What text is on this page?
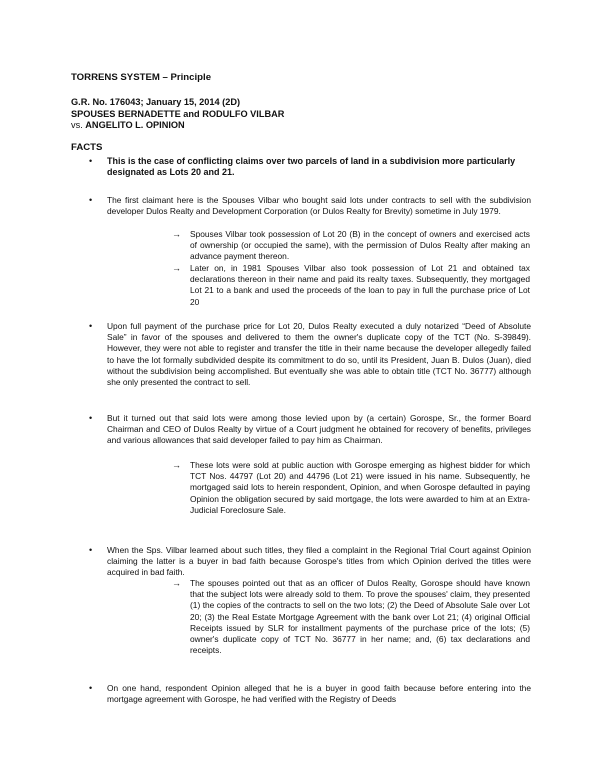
TORRENS SYSTEM – Principle
G.R. No. 176043; January 15, 2014 (2D)
SPOUSES BERNADETTE and RODULFO VILBAR
vs. ANGELITO L. OPINION
FACTS
•	This is the case of conflicting claims over two parcels of land in a subdivision more particularly designated as Lots 20 and 21.
•	The first claimant here is the Spouses Vilbar who bought said lots under contracts to sell with the subdivision developer Dulos Realty and Development Corporation (or Dulos Realty for Brevity) sometime in July 1979.
→	Spouses Vilbar took possession of Lot 20 (B) in the concept of owners and exercised acts of ownership (or occupied the same), with the permission of Dulos Realty after making an advance payment thereon.
→	Later on, in 1981 Spouses Vilbar also took possession of Lot 21 and obtained tax declarations thereon in their name and paid its realty taxes. Subsequently, they mortgaged Lot 21 to a bank and used the proceeds of the loan to pay in full the purchase price of Lot 20
•	Upon full payment of the purchase price for Lot 20, Dulos Realty executed a duly notarized “Deed of Absolute Sale” in favor of the spouses and delivered to them the owner's duplicate copy of the TCT (No. S-39849). However, they were not able to register and transfer the title in their name because the developer allegedly failed to have the lot formally subdivided despite its commitment to do so, until its President, Juan B. Dulos (Juan), died without the subdivision being accomplished. But eventually she was able to obtain title (TCT No. 36777) although she only presented the contract to sell.
•	But it turned out that said lots were among those levied upon by (a certain) Gorospe, Sr., the former Board Chairman and CEO of Dulos Realty by virtue of a Court judgment he obtained for recovery of benefits, privileges and various allowances that said developer failed to pay him as Chairman.
→	These lots were sold at public auction with Gorospe emerging as highest bidder for which TCT Nos. 44797 (Lot 20) and 44796 (Lot 21) were issued in his name. Subsequently, he mortgaged said lots to herein respondent, Opinion, and when Gorospe defaulted in paying Opinion the obligation secured by said mortgage, the lots were awarded to him at an Extra-Judicial Foreclosure Sale.
•	When the Sps. Vilbar learned about such titles, they filed a complaint in the Regional Trial Court against Opinion claiming the latter is a buyer in bad faith because Gorospe's titles from which Opinion derived the titles were acquired in bad faith.
→	The spouses pointed out that as an officer of Dulos Realty, Gorospe should have known that the subject lots were already sold to them. To prove the spouses' claim, they presented (1) the copies of the contracts to sell on the two lots; (2) the Deed of Absolute Sale over Lot 20; (3) the Real Estate Mortgage Agreement with the bank over Lot 21; (4) original Official Receipts issued by SLR for installment payments of the purchase price of the lots; (5) owner's duplicate copy of TCT No. 36777 in her name; and, (6) tax declarations and receipts.
•	On one hand, respondent Opinion alleged that he is a buyer in good faith because before entering into the mortgage agreement with Gorospe, he had verified with the Registry of Deeds
